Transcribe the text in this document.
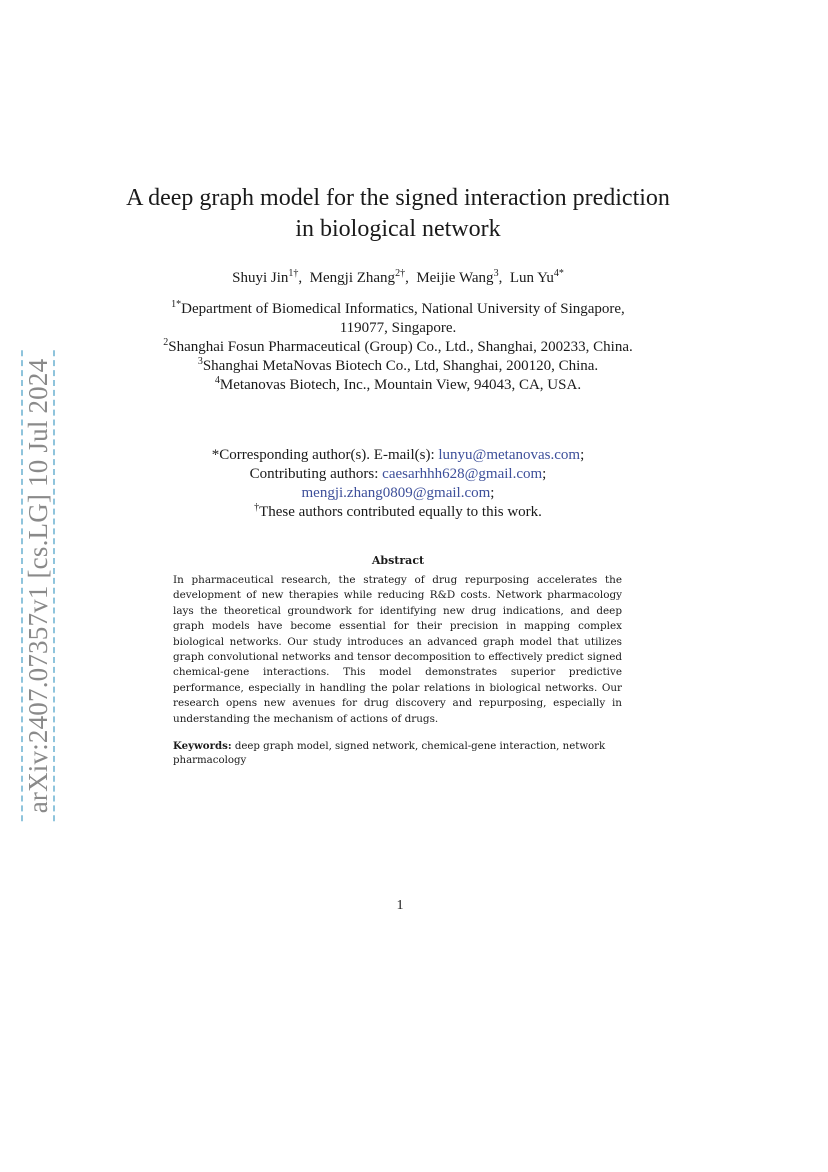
arXiv:2407.07357v1 [cs.LG] 10 Jul 2024
A deep graph model for the signed interaction prediction in biological network
Shuyi Jin$^{1\dagger}$,  Mengji Zhang$^{2\dagger}$,  Meijie Wang$^3$,  Lun $Yu^{4*}$
$^{1*}$Department of Biomedical Informatics, National University of Singapore, 119077, Singapore.
$^2$Shanghai Fosun Pharmaceutical (Group) Co., Ltd., Shanghai, 200233, China.
$^3$Shanghai MetaNovas Biotech Co., Ltd, Shanghai, 200120, China.
$^4$Metanovas Biotech, Inc., Mountain View, 94043, CA, USA.
*Corresponding author(s). E-mail(s): lunyu@metanovas.com;
Contributing authors: caesarhhh628@gmail.com;
mengji.zhang0809@gmail.com;
†These authors contributed equally to this work.
Abstract
In pharmaceutical research, the strategy of drug repurposing accelerates the development of new therapies while reducing R&D costs. Network pharmacology lays the theoretical groundwork for identifying new drug indications, and deep graph models have become essential for their precision in mapping complex biological networks. Our study introduces an advanced graph model that utilizes graph convolutional networks and tensor decomposition to effectively predict signed chemical-gene interactions. This model demonstrates superior predictive performance, especially in handling the polar relations in biological networks. Our research opens new avenues for drug discovery and repurposing, especially in understanding the mechanism of actions of drugs.
Keywords: deep graph model, signed network, chemical-gene interaction, network pharmacology
1
